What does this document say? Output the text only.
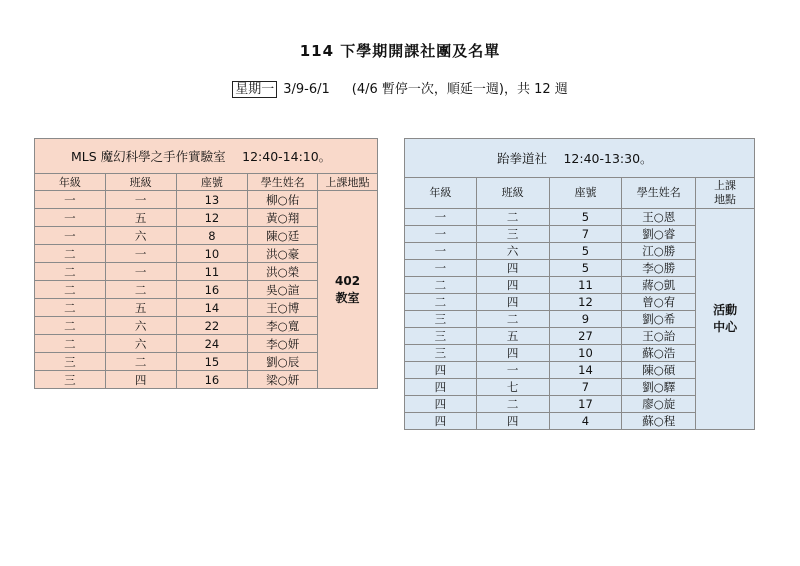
114 下學期開課社團及名單
星期一 3/9-6/1 (4/6 暫停一次，順延一週)，共 12 週
MLS 魔幻科學之手作實驗室　 12:40-14:10。				
年級	班級	座號	學生姓名	上課地點
一	一	13	柳○佑	402
教室
一	五	12	黃○翔	
一	六	8	陳○廷	
二	一	10	洪○豪	
二	一	11	洪○榮	
二	二	16	吳○諠	
二	五	14	王○博	
二	六	22	李○寬	
二	六	24	李○妍	
三	二	15	劉○辰	
三	四	16	梁○妍	
跆拳道社　 12:40-13:30。				
年級	班級	座號	學生姓名	上課
地點
一	二	5	王○恩	活動
中心
一	三	7	劉○睿	
一	六	5	江○勝	
一	四	5	李○勝	
二	四	11	蔣○凱	
二	四	12	曾○宥	
三	二	9	劉○希	
三	五	27	王○詒	
三	四	10	蘇○浩	
四	一	14	陳○碩	
四	七	7	劉○驛	
四	二	17	廖○旋	
四	四	4	蘇○程	
